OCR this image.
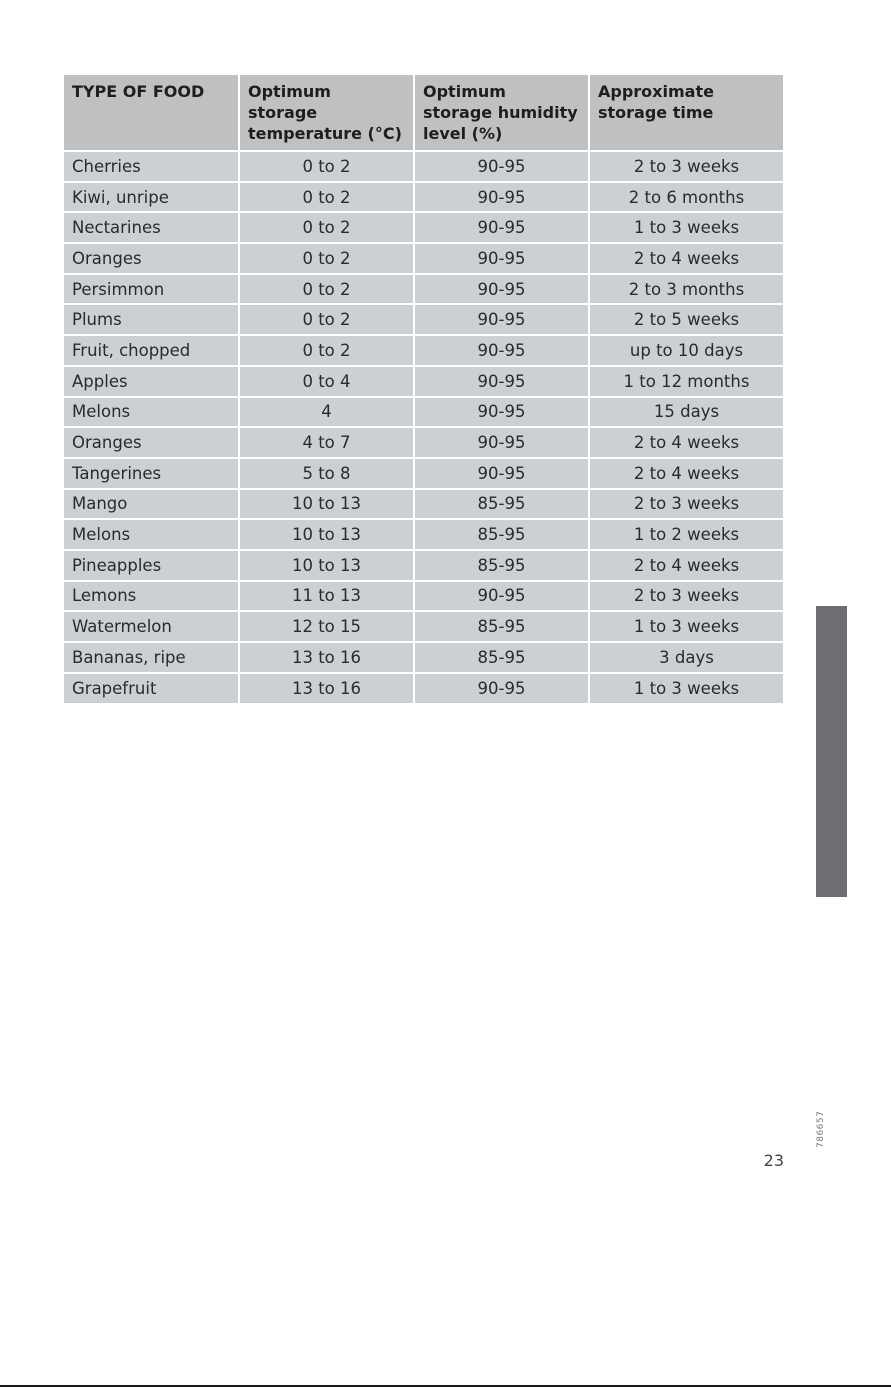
TYPE OF FOOD	Optimum storage temperature (°C)	Optimum storage humidity level (%)	Approximate storage time
Cherries	0 to 2	90-95	2 to 3 weeks
Kiwi, unripe	0 to 2	90-95	2 to 6 months
Nectarines	0 to 2	90-95	1 to 3 weeks
Oranges	0 to 2	90-95	2 to 4 weeks
Persimmon	0 to 2	90-95	2 to 3 months
Plums	0 to 2	90-95	2 to 5 weeks
Fruit, chopped	0 to 2	90-95	up to 10 days
Apples	0 to 4	90-95	1 to 12 months
Melons	4	90-95	15 days
Oranges	4 to 7	90-95	2 to 4 weeks
Tangerines	5 to 8	90-95	2 to 4 weeks
Mango	10 to 13	85-95	2 to 3 weeks
Melons	10 to 13	85-95	1 to 2 weeks
Pineapples	10 to 13	85-95	2 to 4 weeks
Lemons	11 to 13	90-95	2 to 3 weeks
Watermelon	12 to 15	85-95	1 to 3 weeks
Bananas, ripe	13 to 16	85-95	3 days
Grapefruit	13 to 16	90-95	1 to 3 weeks
786657
23
